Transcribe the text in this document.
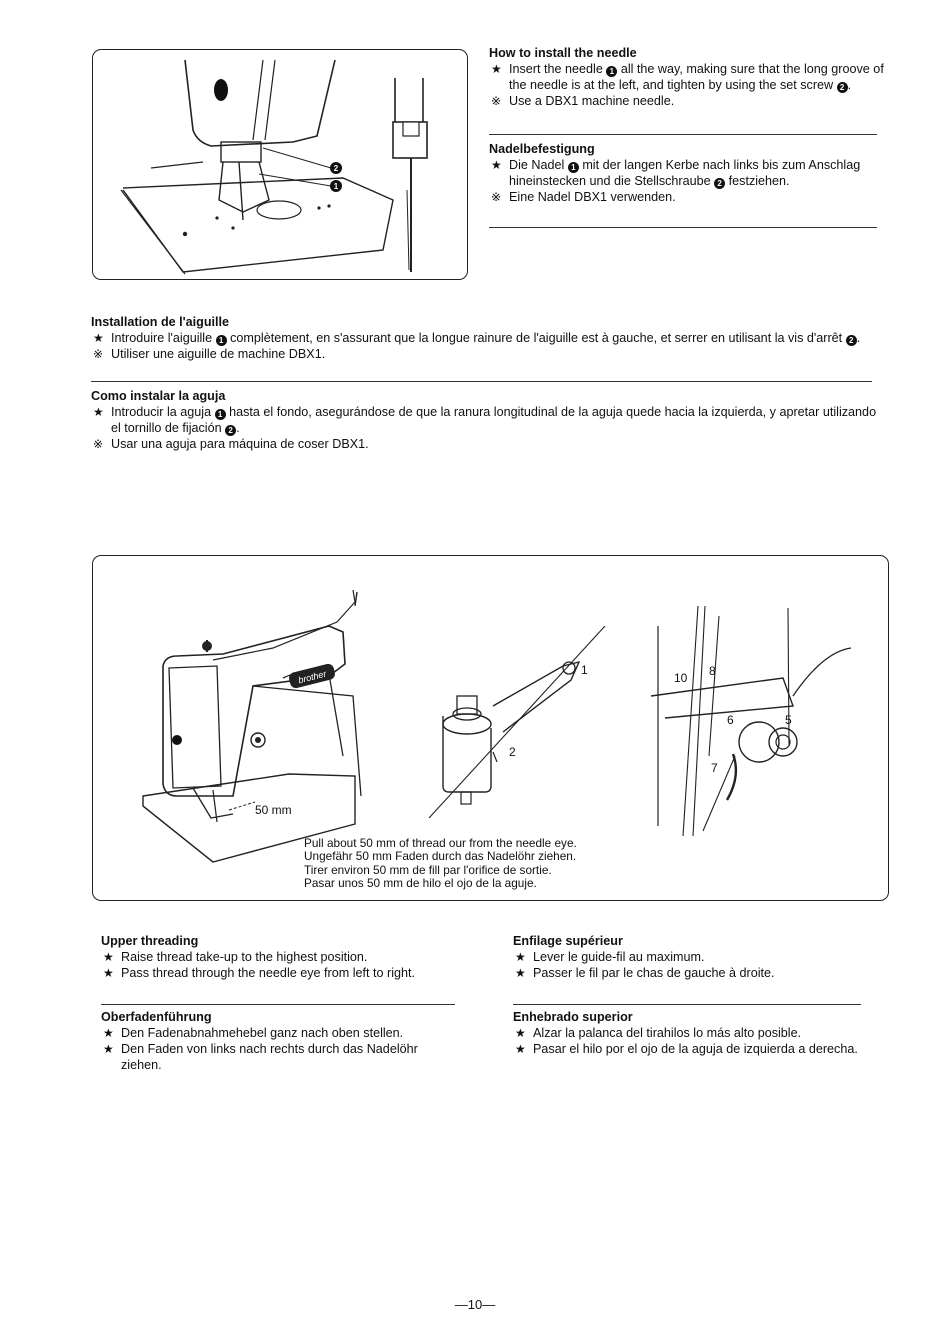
2
1
How to install the needle
★ Insert the needle 1 all the way, making sure that the long groove of the needle is at the left, and tighten by using the set screw 2 .
※ Use a DBX1 machine needle.
Nadelbefestigung
★ Die Nadel 1 mit der langen Kerbe nach links bis zum Anschlag hineinstecken und die Stellschraube 2 festziehen.
※ Eine Nadel DBX1 verwenden.
Installation de l'aiguille
★ Introduire l'aiguille 1 complètement, en s'assurant que la longue rainure de l'aiguille est à gauche, et serrer en utilisant la vis d'arrêt 2 .
※ Utiliser une aiguille de machine DBX1.
Como instalar la aguja
★ Introducir la aguja 1 hasta el fondo, asegurándose de que la ranura longitudinal de la aguja quede hacia la izquierda, y apretar utilizando el tornillo de fijación 2 .
※ Usar una aguja para máquina de coser DBX1.
brother
50 mm
1
2
10 8
6	5
7
Pull about 50 mm of thread our from the needle eye.
Ungefähr 50 mm Faden durch das Nadelöhr ziehen.
Tirer environ 50 mm de fill par l'orifice de sortie.
Pasar unos 50 mm de hilo el ojo de la aguje.
Upper threading
★ Raise thread take-up to the highest position.
★ Pass thread through the needle eye from left to right.
Oberfadenführung
★ Den Fadenabnahmehebel ganz nach oben stellen.
★ Den Faden von links nach rechts durch das Nadelöhr ziehen.
Enfilage supérieur
★ Lever le guide-fil au maximum.
★ Passer le fil par le chas de gauche à droite.
Enhebrado superior
★ Alzar la palanca del tirahilos lo más alto posible.
★ Pasar el hilo por el ojo de la aguja de izquierda a derecha.
—10—
